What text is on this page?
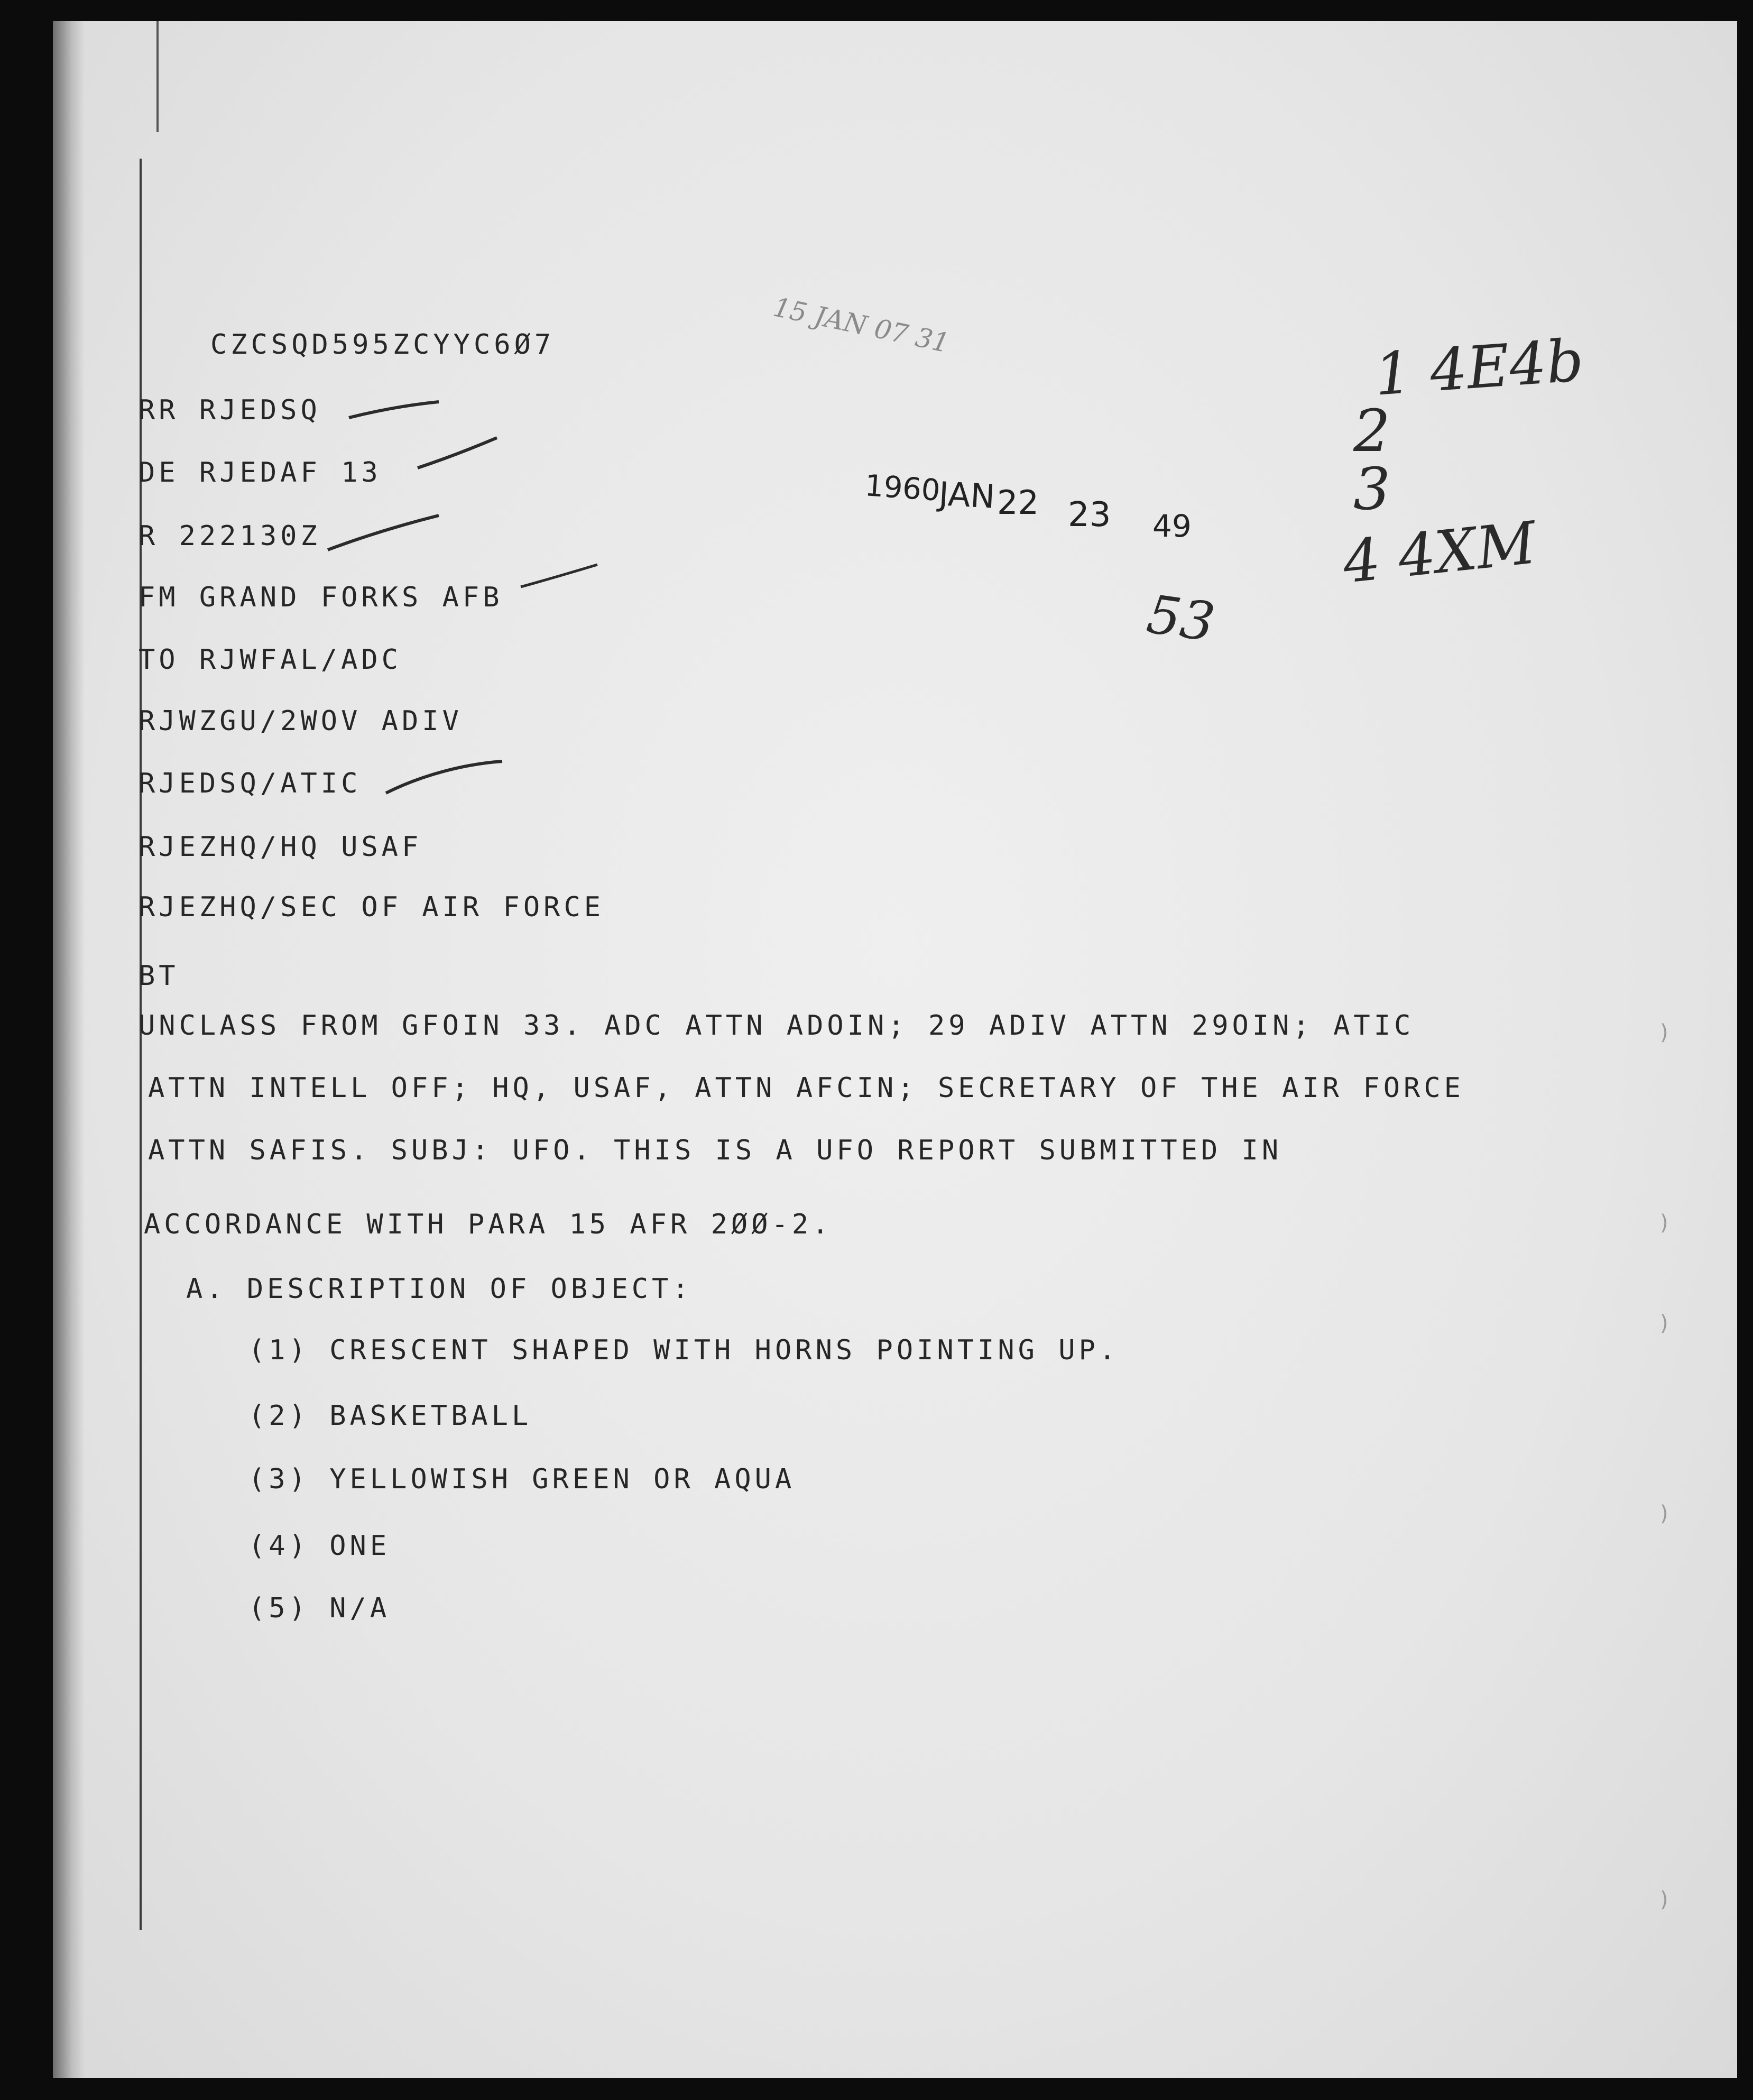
CZCSQD595ZCYYC6Ø7
RR RJEDSQ
DE RJEDAF 13
R 222130Z
FM GRAND FORKS AFB
TO RJWFAL/ADC
RJWZGU/2WOV ADIV
RJEDSQ/ATIC
RJEZHQ/HQ USAF
RJEZHQ/SEC OF AIR FORCE
BT
UNCLASS FROM GFOIN 33. ADC ATTN ADOIN; 29 ADIV ATTN 29OIN; ATIC
ATTN INTELL OFF; HQ, USAF, ATTN AFCIN; SECRETARY OF THE AIR FORCE
ATTN SAFIS. SUBJ: UFO. THIS IS A UFO REPORT SUBMITTED IN
ACCORDANCE WITH PARA 15 AFR 2ØØ-2.
A. DESCRIPTION OF OBJECT:
(1) CRESCENT SHAPED WITH HORNS POINTING UP.
(2) BASKETBALL
(3) YELLOWISH GREEN OR AQUA
(4) ONE
(5) N/A
1960
JAN 22 23 49
15 JAN 07 31
1 4E4b
2
3
4 4XM
53
)
)
)
)
)
